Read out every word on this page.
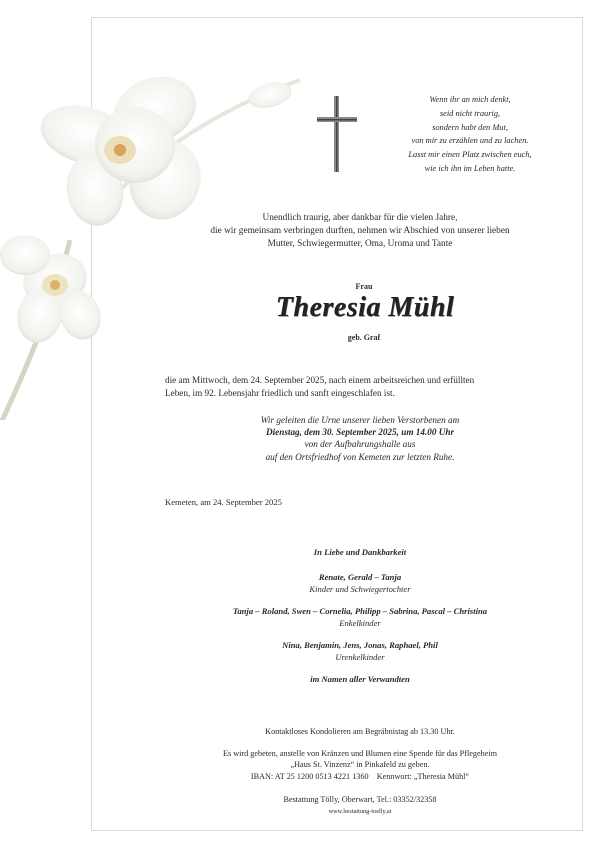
Wenn ihr an mich denkt,
seid nicht traurig,
sondern habt den Mut,
von mir zu erzählen und zu lachen.
Lasst mir einen Platz zwischen euch,
wie ich ihn im Leben hatte.
Unendlich traurig, aber dankbar für die vielen Jahre,
die wir gemeinsam verbringen durften, nehmen wir Abschied von unserer lieben
Mutter, Schwiegermutter, Oma, Uroma und Tante
Frau
Theresia Mühl
geb. Graf
die am Mittwoch, dem 24. September 2025, nach einem arbeitsreichen und erfüllten
Leben, im 92. Lebensjahr friedlich und sanft eingeschlafen ist.
Wir geleiten die Urne unserer lieben Verstorbenen am
Dienstag, dem 30. September 2025, um 14.00 Uhr
von der Aufbahrungshalle aus
auf den Ortsfriedhof von Kemeten zur letzten Ruhe.
Kemeten, am 24. September 2025
In Liebe und Dankbarkeit
Renate, Gerald – Tanja
Kinder und Schwiegertochter
Tanja – Roland, Swen – Cornelia, Philipp – Sabrina, Pascal – Christina
Enkelkinder
Nina, Benjamin, Jens, Jonas, Raphael, Phil
Urenkelkinder
im Namen aller Verwandten
Kontaktloses Kondolieren am Begräbnistag ab 13.30 Uhr.
Es wird gebeten, anstelle von Kränzen und Blumen eine Spende für das Pflegeheim
„Haus St. Vinzenz“ in Pinkafeld zu geben.
IBAN: AT 25 1200 0513 4221 1360 Kennwort: „Theresia Mühl“
Bestattung Tölly, Oberwart, Tel.: 03352/32358
www.bestattung-toelly.at
